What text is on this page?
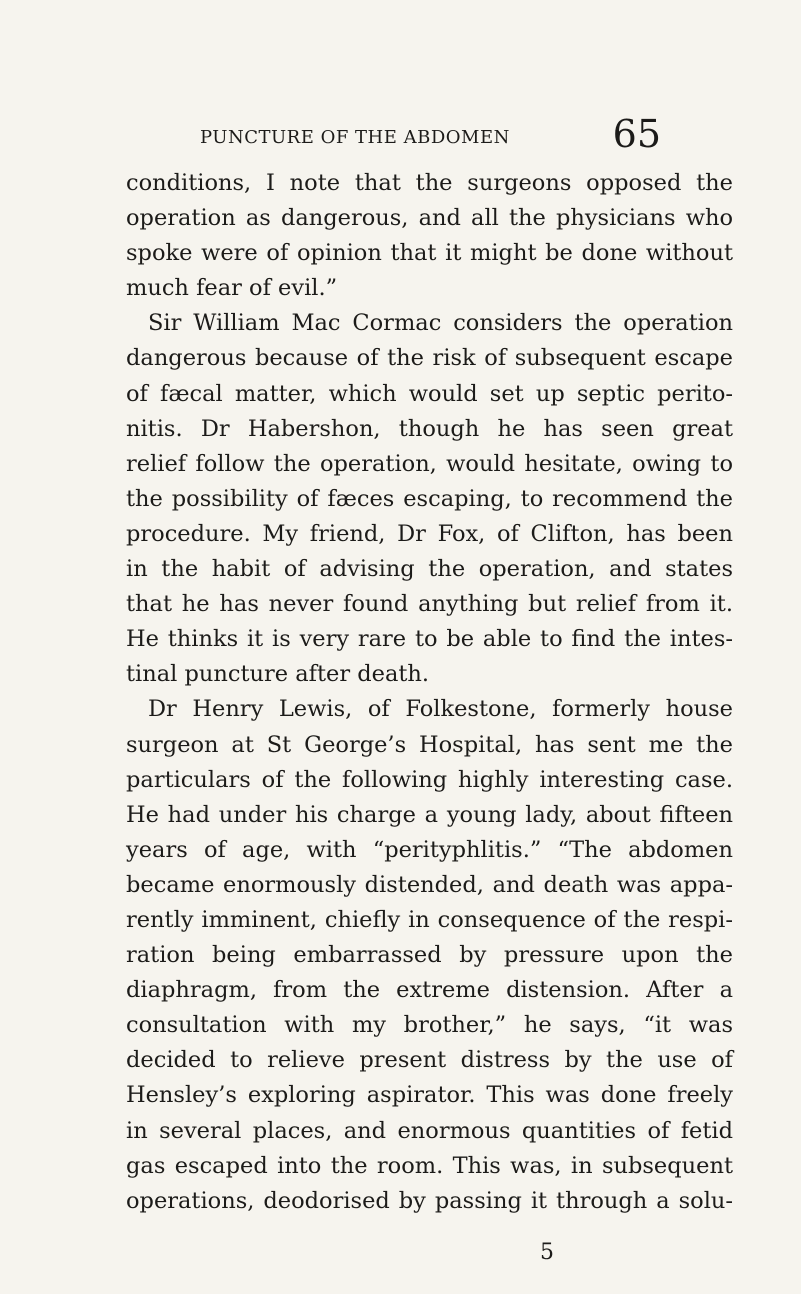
PUNCTURE OF THE ABDOMEN	65
conditions, I note that the surgeons opposed the
operation as dangerous, and all the physicians who
spoke were of opinion that it might be done without
much fear of evil.”
Sir William Mac Cormac considers the operation
dangerous because of the risk of subsequent escape
of fæcal matter, which would set up septic perito-
nitis. Dr Habershon, though he has seen great
relief follow the operation, would hesitate, owing to
the possibility of fæces escaping, to recommend the
procedure. My friend, Dr Fox, of Clifton, has been
in the habit of advising the operation, and states
that he has never found anything but relief from it.
He thinks it is very rare to be able to find the intes-
tinal puncture after death.
Dr Henry Lewis, of Folkestone, formerly house
surgeon at St George’s Hospital, has sent me the
particulars of the following highly interesting case.
He had under his charge a young lady, about fifteen
years of age, with “perityphlitis.” “The abdomen
became enormously distended, and death was appa-
rently imminent, chiefly in consequence of the respi-
ration being embarrassed by pressure upon the
diaphragm, from the extreme distension. After a
consultation with my brother,” he says, “it was
decided to relieve present distress by the use of
Hensley’s exploring aspirator. This was done freely
in several places, and enormous quantities of fetid
gas escaped into the room. This was, in subsequent
operations, deodorised by passing it through a solu-
5
